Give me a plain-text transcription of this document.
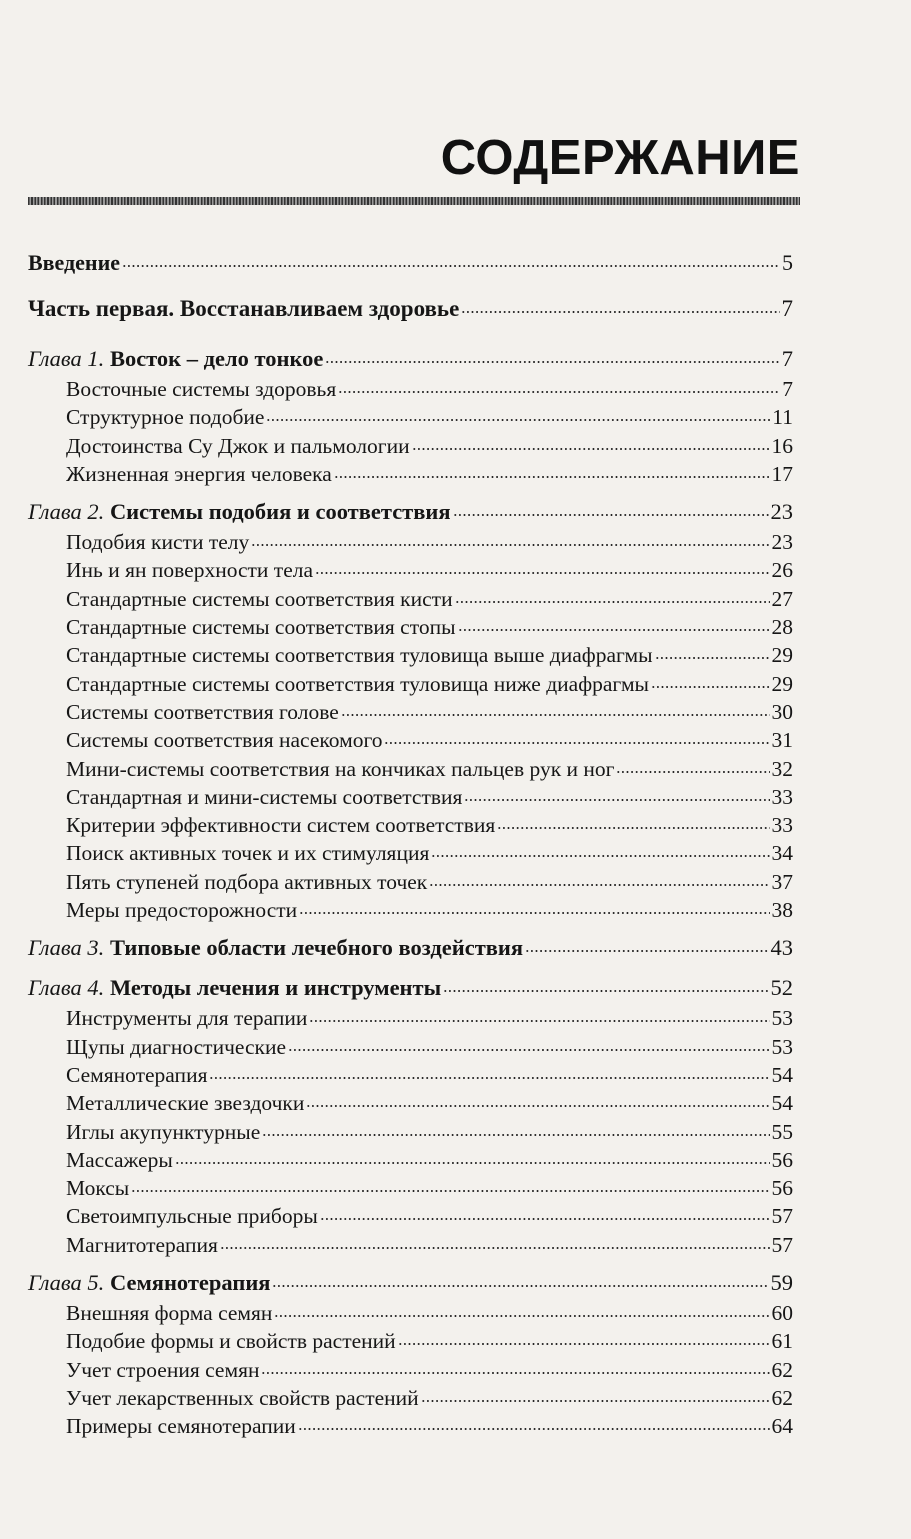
СОДЕРЖАНИЕ
Введение	5
Часть первая. Восстанавливаем здоровье	7
Глава 1. Восток – дело тонкое	7
Восточные системы здоровья	7
Структурное подобие	11
Достоинства Су Джок и пальмологии	16
Жизненная энергия человека	17
Глава 2. Системы подобия и соответствия	23
Подобия кисти телу	23
Инь и ян поверхности тела	26
Стандартные системы соответствия кисти	27
Стандартные системы соответствия стопы	28
Стандартные системы соответствия туловища выше диафрагмы	29
Стандартные системы соответствия туловища ниже диафрагмы	29
Системы соответствия голове	30
Системы соответствия насекомого	31
Мини-системы соответствия на кончиках пальцев рук и ног	32
Стандартная и мини-системы соответствия	33
Критерии эффективности систем соответствия	33
Поиск активных точек и их стимуляция	34
Пять ступеней подбора активных точек	37
Меры предосторожности	38
Глава 3. Типовые области лечебного воздействия	43
Глава 4. Методы лечения и инструменты	52
Инструменты для терапии	53
Щупы диагностические	53
Семянотерапия	54
Металлические звездочки	54
Иглы акупунктурные	55
Массажеры	56
Моксы	56
Светоимпульсные приборы	57
Магнитотерапия	57
Глава 5. Семянотерапия	59
Внешняя форма семян	60
Подобие формы и свойств растений	61
Учет строения семян	62
Учет лекарственных свойств растений	62
Примеры семянотерапии	64
